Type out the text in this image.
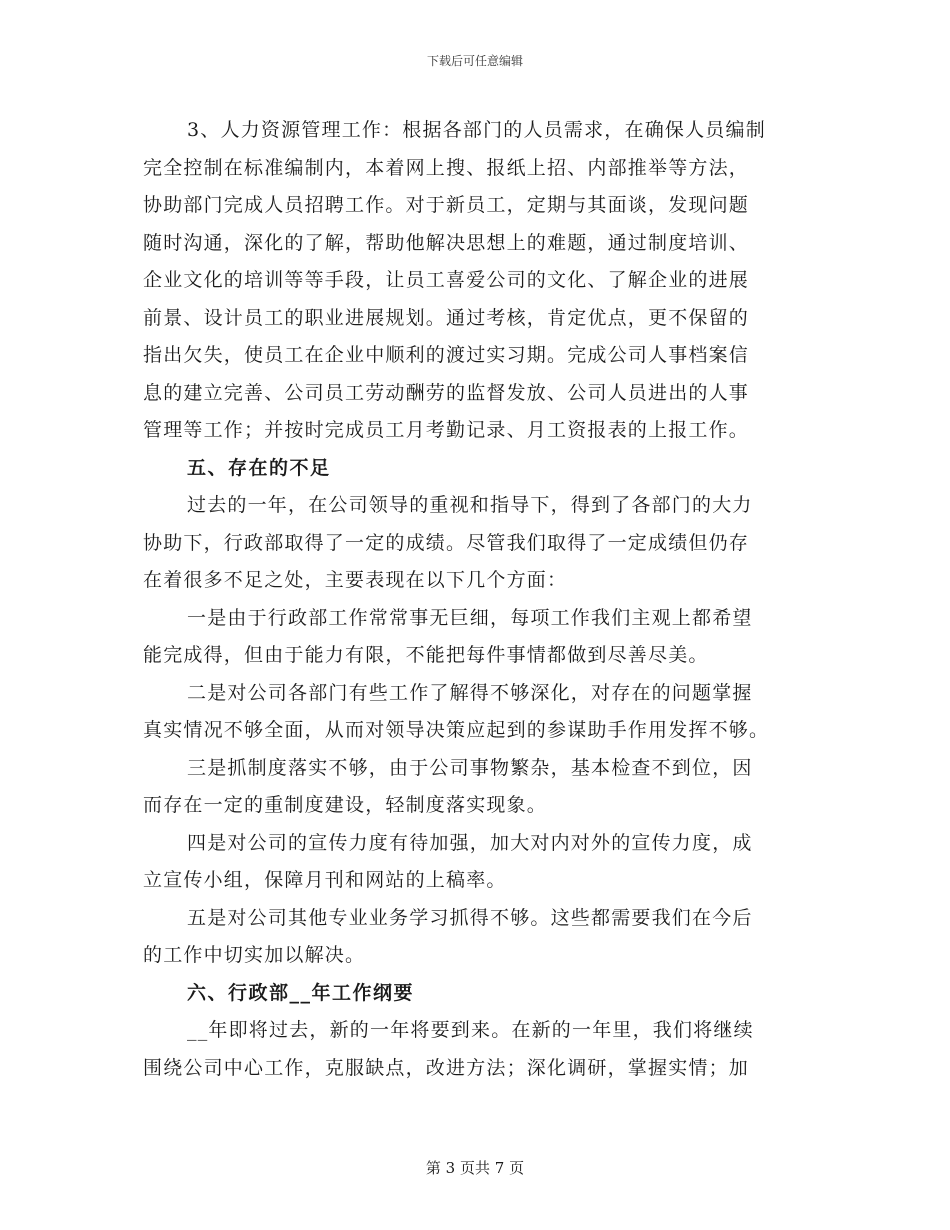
下载后可任意编辑
3、人力资源管理工作：根据各部门的人员需求，在确保人员编制
完全控制在标准编制内，本着网上搜、报纸上招、内部推举等方法，
协助部门完成人员招聘工作。对于新员工，定期与其面谈，发现问题
随时沟通，深化的了解，帮助他解决思想上的难题，通过制度培训、
企业文化的培训等等手段，让员工喜爱公司的文化、了解企业的进展
前景、设计员工的职业进展规划。通过考核，肯定优点，更不保留的
指出欠失，使员工在企业中顺利的渡过实习期。完成公司人事档案信
息的建立完善、公司员工劳动酬劳的监督发放、公司人员进出的人事
管理等工作；并按时完成员工月考勤记录、月工资报表的上报工作。
五、存在的不足
过去的一年，在公司领导的重视和指导下，得到了各部门的大力
协助下，行政部取得了一定的成绩。尽管我们取得了一定成绩但仍存
在着很多不足之处，主要表现在以下几个方面：
一是由于行政部工作常常事无巨细，每项工作我们主观上都希望
能完成得，但由于能力有限，不能把每件事情都做到尽善尽美。
二是对公司各部门有些工作了解得不够深化，对存在的问题掌握
真实情况不够全面，从而对领导决策应起到的参谋助手作用发挥不够。
三是抓制度落实不够，由于公司事物繁杂，基本检查不到位，因
而存在一定的重制度建设，轻制度落实现象。
四是对公司的宣传力度有待加强，加大对内对外的宣传力度，成
立宣传小组，保障月刊和网站的上稿率。
五是对公司其他专业业务学习抓得不够。这些都需要我们在今后
的工作中切实加以解决。
六、行政部__年工作纲要
__年即将过去，新的一年将要到来。在新的一年里，我们将继续
围绕公司中心工作，克服缺点，改进方法；深化调研，掌握实情；加
第 3 页共 7 页
